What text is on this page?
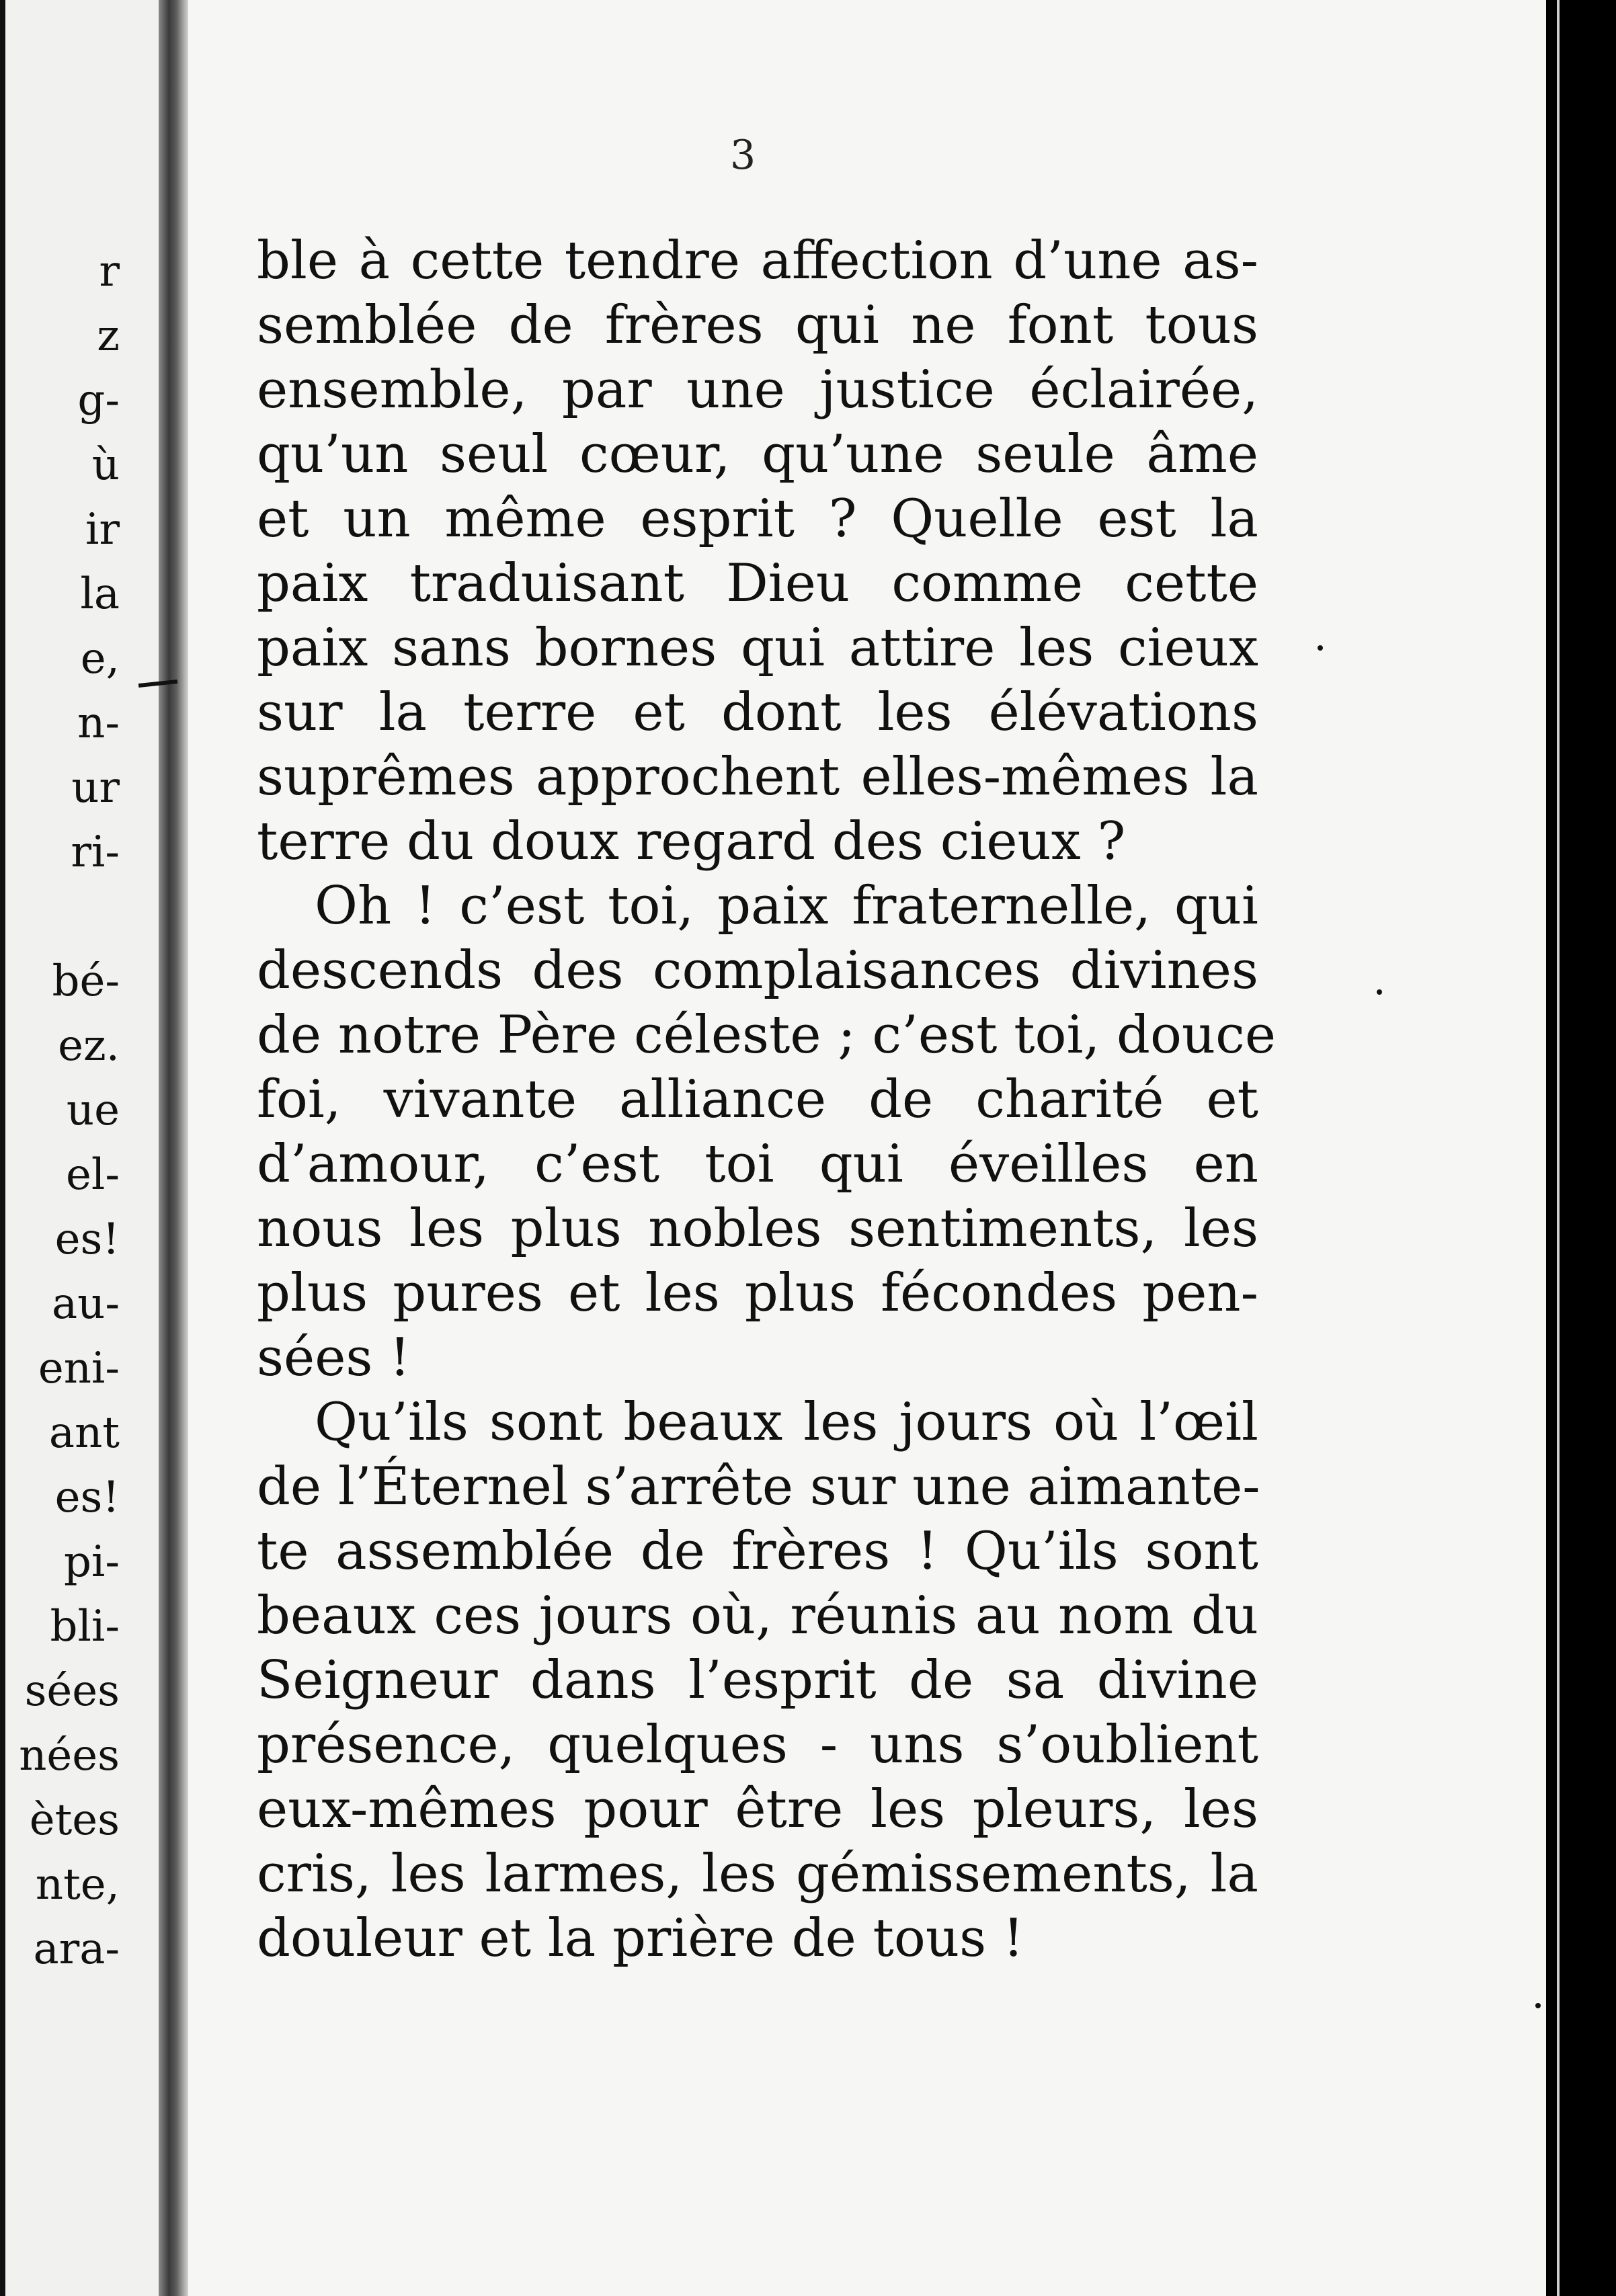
r
z
g-
ù
ir
la
e,
n-
ur
ri-
bé-
ez.
ue
el-
es!
au-
eni-
ant
es!
pi-
bli-
sées
nées
ètes
nte,
ara-
3
ble à cette tendre affection d’une as-
semblée de frères qui ne font tous
ensemble, par une justice éclairée,
qu’un seul cœur, qu’une seule âme
et un même esprit ? Quelle est la
paix traduisant Dieu comme cette
paix sans bornes qui attire les cieux
sur la terre et dont les élévations
suprêmes approchent elles-mêmes la
terre du doux regard des cieux ?
Oh ! c’est toi, paix fraternelle, qui
descends des complaisances divines
de notre Père céleste ; c’est toi, douce
foi, vivante alliance de charité et
d’amour, c’est toi qui éveilles en
nous les plus nobles sentiments, les
plus pures et les plus fécondes pen-
sées !
Qu’ils sont beaux les jours où l’œil
de l’Éternel s’arrête sur une aimante-
te assemblée de frères ! Qu’ils sont
beaux ces jours où, réunis au nom du
Seigneur dans l’esprit de sa divine
présence, quelques - uns s’oublient
eux-mêmes pour être les pleurs, les
cris, les larmes, les gémissements, la
douleur et la prière de tous !
